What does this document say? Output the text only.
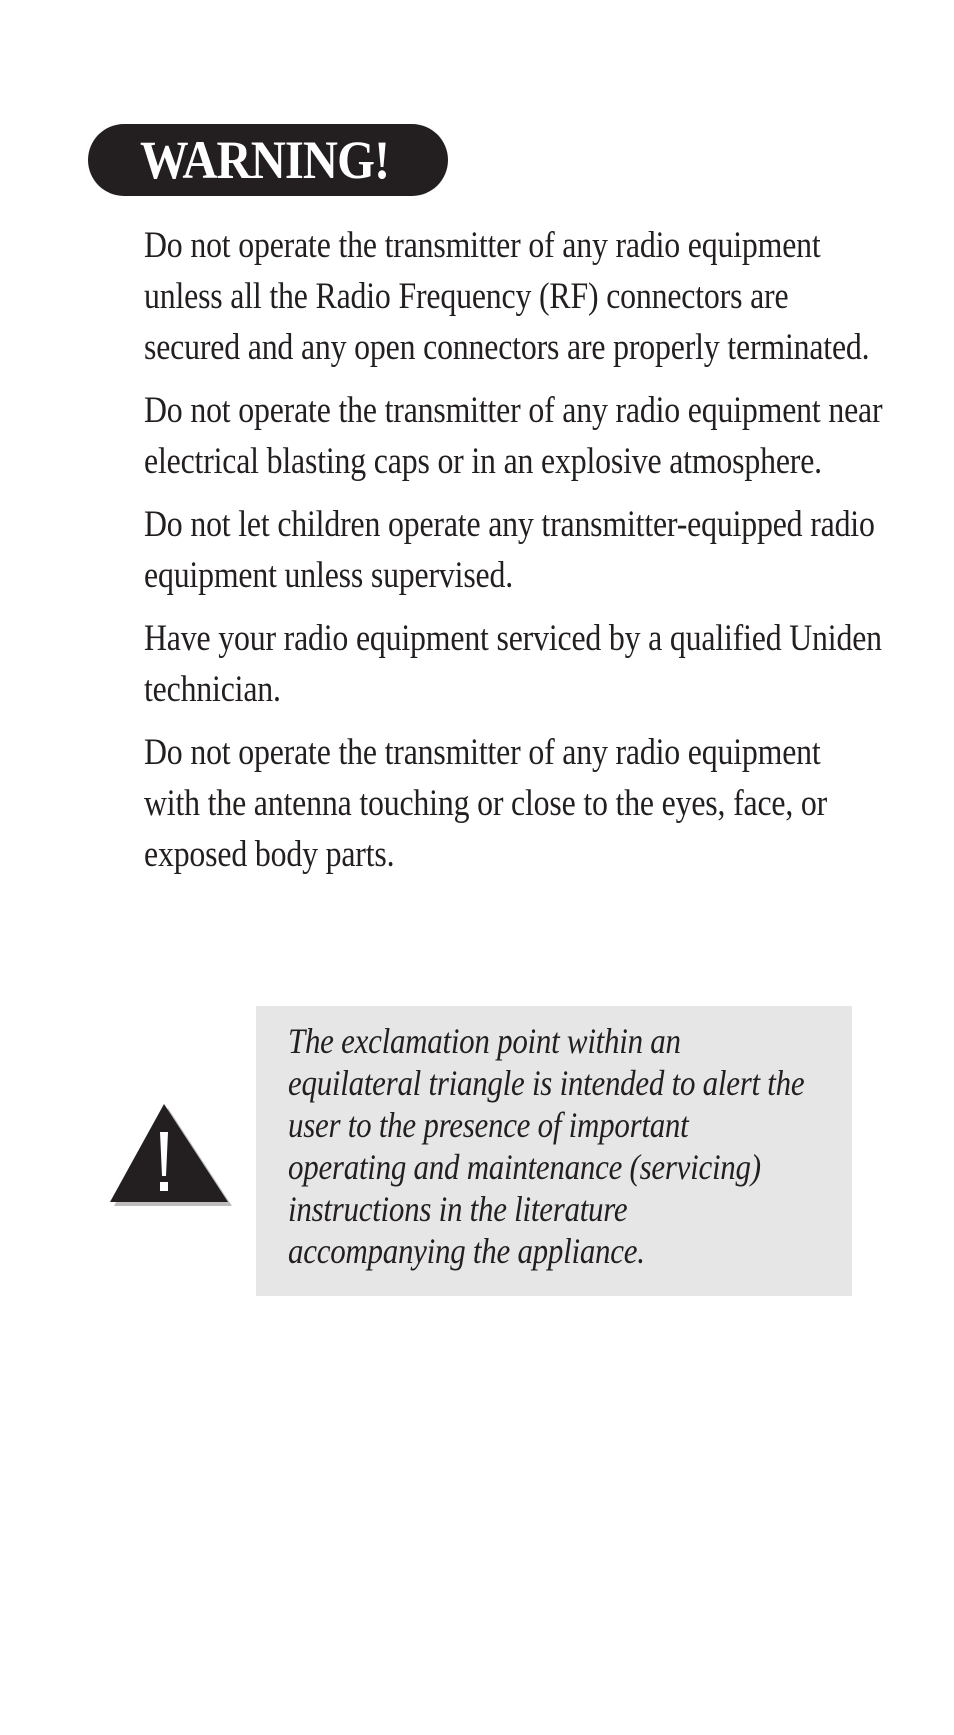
WARNING!

Do not operate the transmitter of any radio equipment unless all the Radio Frequency (RF) connectors are secured and any open connectors are properly terminated.

Do not operate the transmitter of any radio equipment near electrical blasting caps or in an explosive atmosphere.

Do not let children operate any transmitter-equipped radio equipment unless supervised.

Have your radio equipment serviced by a qualified Uniden technician.

Do not operate the transmitter of any radio equipment with the antenna touching or close to the eyes, face, or exposed body parts.

The exclamation point within an
equilateral triangle is intended to alert the
user to the presence of important
operating and maintenance (servicing)
instructions in the literature
accompanying the appliance.
